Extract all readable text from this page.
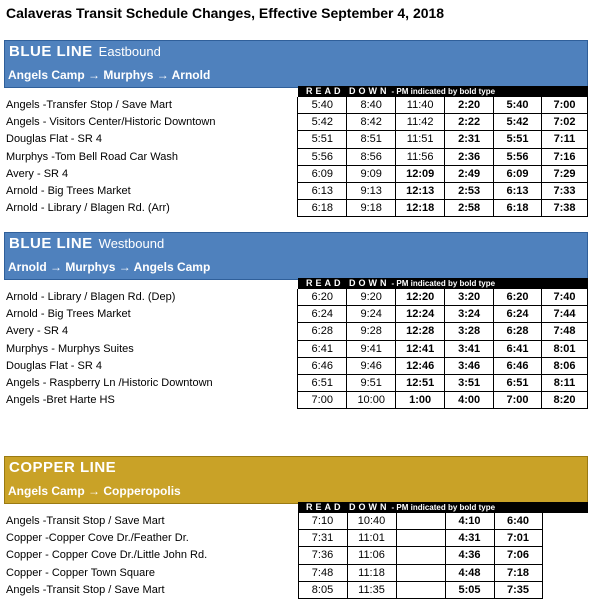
Calaveras Transit Schedule Changes, Effective September 4, 2018
BLUE LINE Eastbound
Angels Camp → Murphys → Arnold
READ DOWN - PM indicated by bold type
Angels -Transfer Stop / Save Mart	5:40	8:40	11:40	2:20	5:40	7:00
Angels - Visitors Center/Historic Downtown	5:42	8:42	11:42	2:22	5:42	7:02
Douglas Flat - SR 4	5:51	8:51	11:51	2:31	5:51	7:11
Murphys -Tom Bell Road Car Wash	5:56	8:56	11:56	2:36	5:56	7:16
Avery - SR 4	6:09	9:09	12:09	2:49	6:09	7:29
Arnold - Big Trees Market	6:13	9:13	12:13	2:53	6:13	7:33
Arnold - Library / Blagen Rd. (Arr)	6:18	9:18	12:18	2:58	6:18	7:38
BLUE LINE Westbound
Arnold → Murphys → Angels Camp
READ DOWN - PM indicated by bold type
Arnold - Library / Blagen Rd. (Dep)	6:20	9:20	12:20	3:20	6:20	7:40
Arnold - Big Trees Market	6:24	9:24	12:24	3:24	6:24	7:44
Avery - SR 4	6:28	9:28	12:28	3:28	6:28	7:48
Murphys - Murphys Suites	6:41	9:41	12:41	3:41	6:41	8:01
Douglas Flat - SR 4	6:46	9:46	12:46	3:46	6:46	8:06
Angels - Raspberry Ln /Historic Downtown	6:51	9:51	12:51	3:51	6:51	8:11
Angels -Bret Harte HS	7:00	10:00	1:00	4:00	7:00	8:20
COPPER LINE
Angels Camp → Copperopolis
READ DOWN - PM indicated by bold type
Angels -Transit Stop / Save Mart	7:10	10:40		4:10	6:40	
Copper -Copper Cove Dr./Feather Dr.	7:31	11:01		4:31	7:01	
Copper - Copper Cove Dr./Little John Rd.	7:36	11:06		4:36	7:06	
Copper - Copper Town Square	7:48	11:18		4:48	7:18	
Angels -Transit Stop / Save Mart	8:05	11:35		5:05	7:35	
